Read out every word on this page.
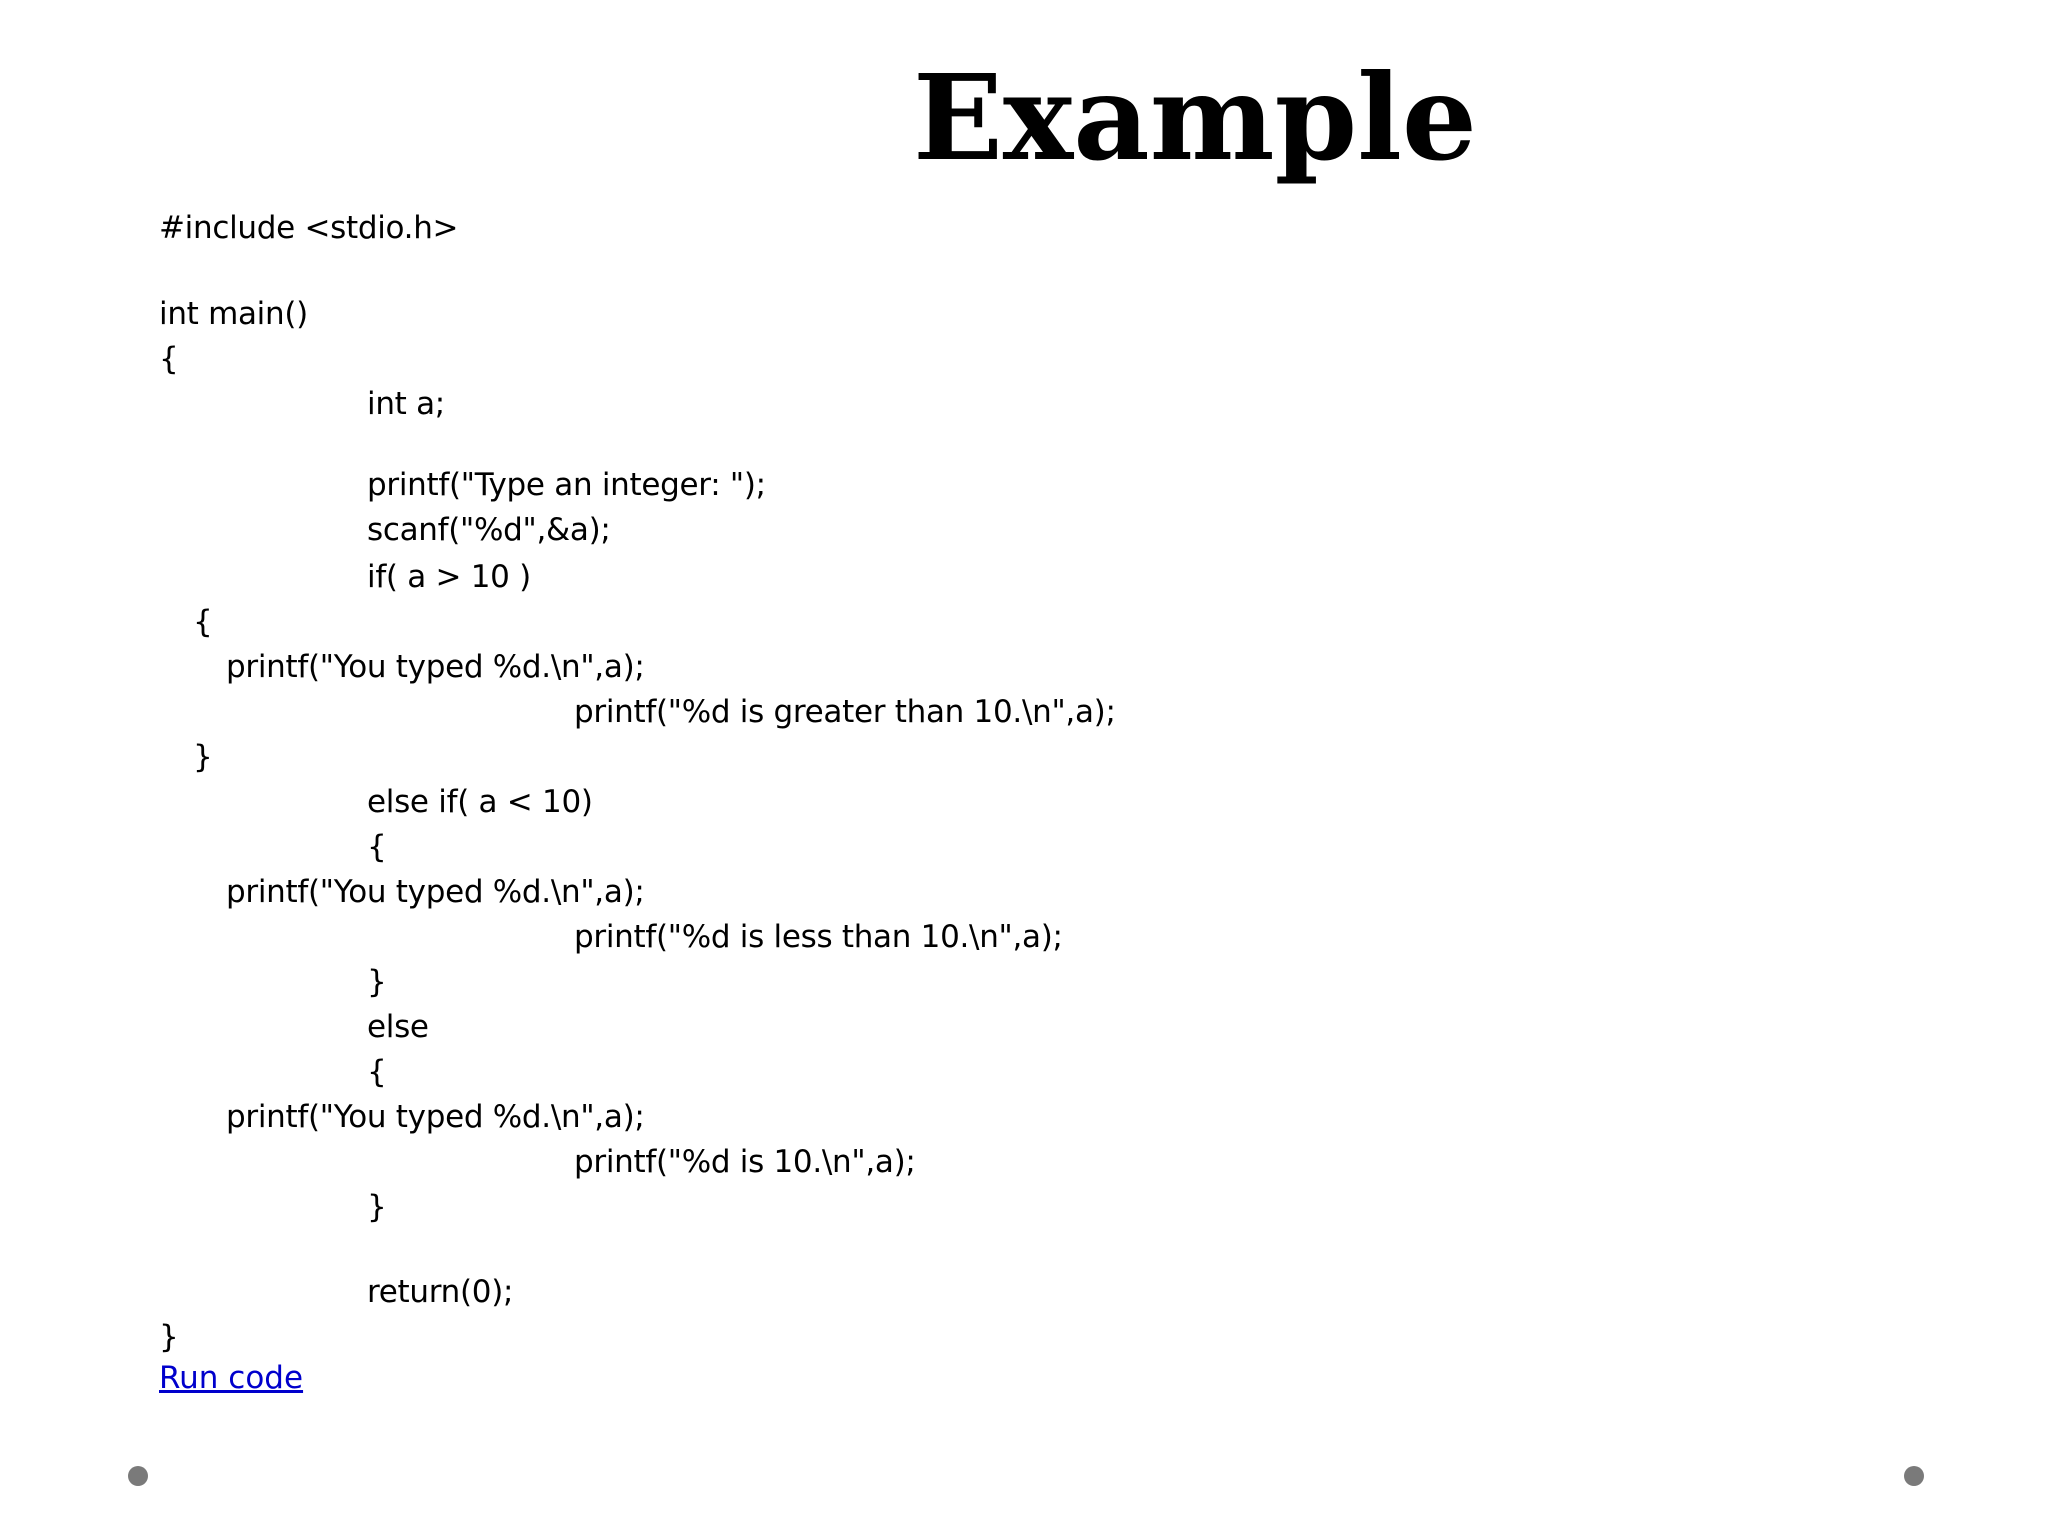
Example
#include <stdio.h>
int main()
{
int a;
printf("Type an integer: ");
scanf("%d",&a);
if( a > 10 )
{
printf("You typed %d.\n",a);
printf("%d is greater than 10.\n",a);
}
else if( a < 10)
{
printf("You typed %d.\n",a);
printf("%d is less than 10.\n",a);
}
else
{
printf("You typed %d.\n",a);
printf("%d is 10.\n",a);
}
return(0);
}
Run code
